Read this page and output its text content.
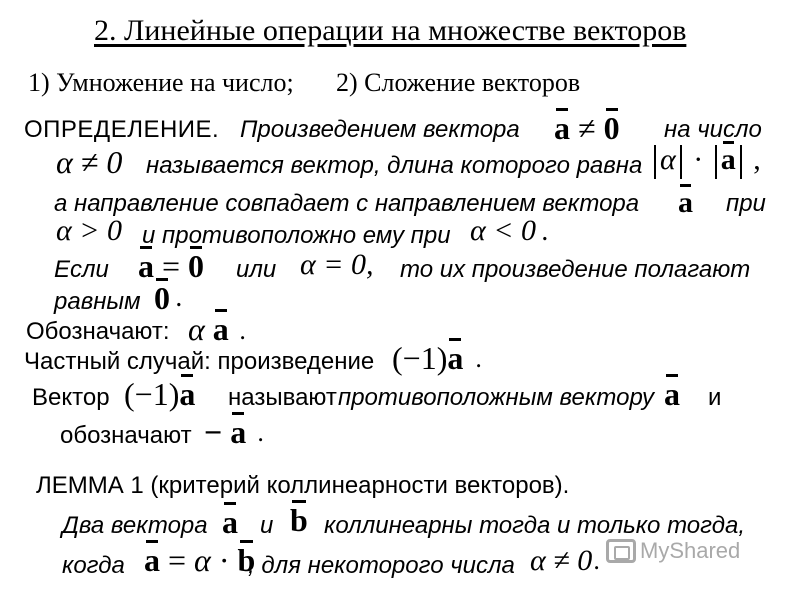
2. Линейные операции на множестве векторов
1) Умножение на число; 2) Сложение векторов
ОПРЕДЕЛЕНИЕ. Произведением вектора a ≠ 0 на число
α ≠ 0 называется вектор, длина которого равна α · a ,
а направление совпадает с направлением вектора a при
α > 0 и противоположно ему при α < 0 .
Если a = 0 или α = 0, то их произведение полагают
равным 0 .
Обозначают: α a .
Частный случай: произведение (−1)a .
Вектор (−1)a называют противоположным вектору a и
обозначают − a .
ЛЕММА 1 (критерий коллинеарности векторов).
Два вектора a и b коллинеарны тогда и только тогда,
когда a = α · b
, для некоторого числа α ≠ 0 . MyShared
